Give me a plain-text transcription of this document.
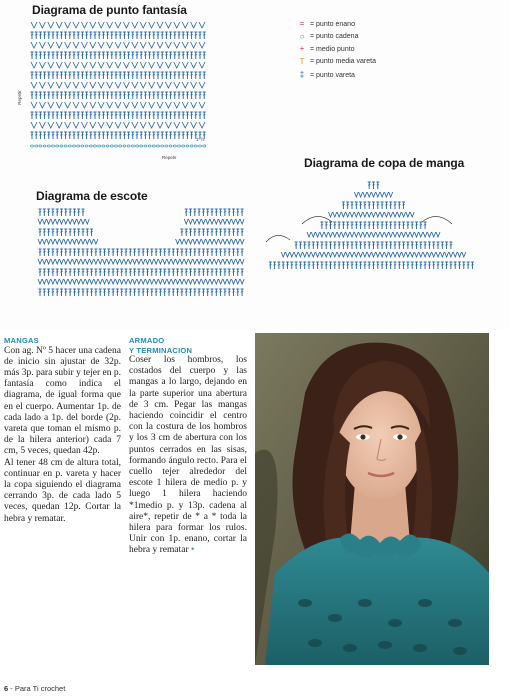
Diagrama de punto fantasía
Diagrama de escote
Diagrama de copa de manga
= = punto enano
○ = punto cadena
+ = medio punto
T = punto media vareta
‡ = punto vareta
Repetir
Repetir
1º h.
MANGAS
Con ag. Nº 5 hacer una cadena de inicio sin ajustar de 32p. más 3p. para subir y tejer en p. fantasía como indica el diagrama, de igual forma que en el cuerpo. Aumentar 1p. de cada lado a 1p. del borde (2p. vareta que toman el mismo p. de la hilera anterior) cada 7 cm, 5 veces, quedan 42p.
Al tener 48 cm de altura total, continuar en p. vareta y hacer la copa siguiendo el diagrama cerrando 3p. de cada lado 5 veces, quedan 12p. Cortar la hebra y rematar.
ARMADO
Y TERMINACION
Coser los hombros, los costados del cuerpo y las mangas a lo largo, dejando en la parte superior una abertura de 3 cm. Pegar las mangas haciendo coincidir el centro con la costura de los hombros y los 3 cm de abertura con los puntos cerrados en las sisas, formando ángulo recto. Para el cuello tejer alrededor del escote 1 hilera de medio p. y luego 1 hilera haciendo *1medio p. y 13p. cadena al aire*, repetir de * a * toda la hilera para formar los rulos. Unir con 1p. enano, cortar la hebra y rematar •
6 - Para Ti crochet
